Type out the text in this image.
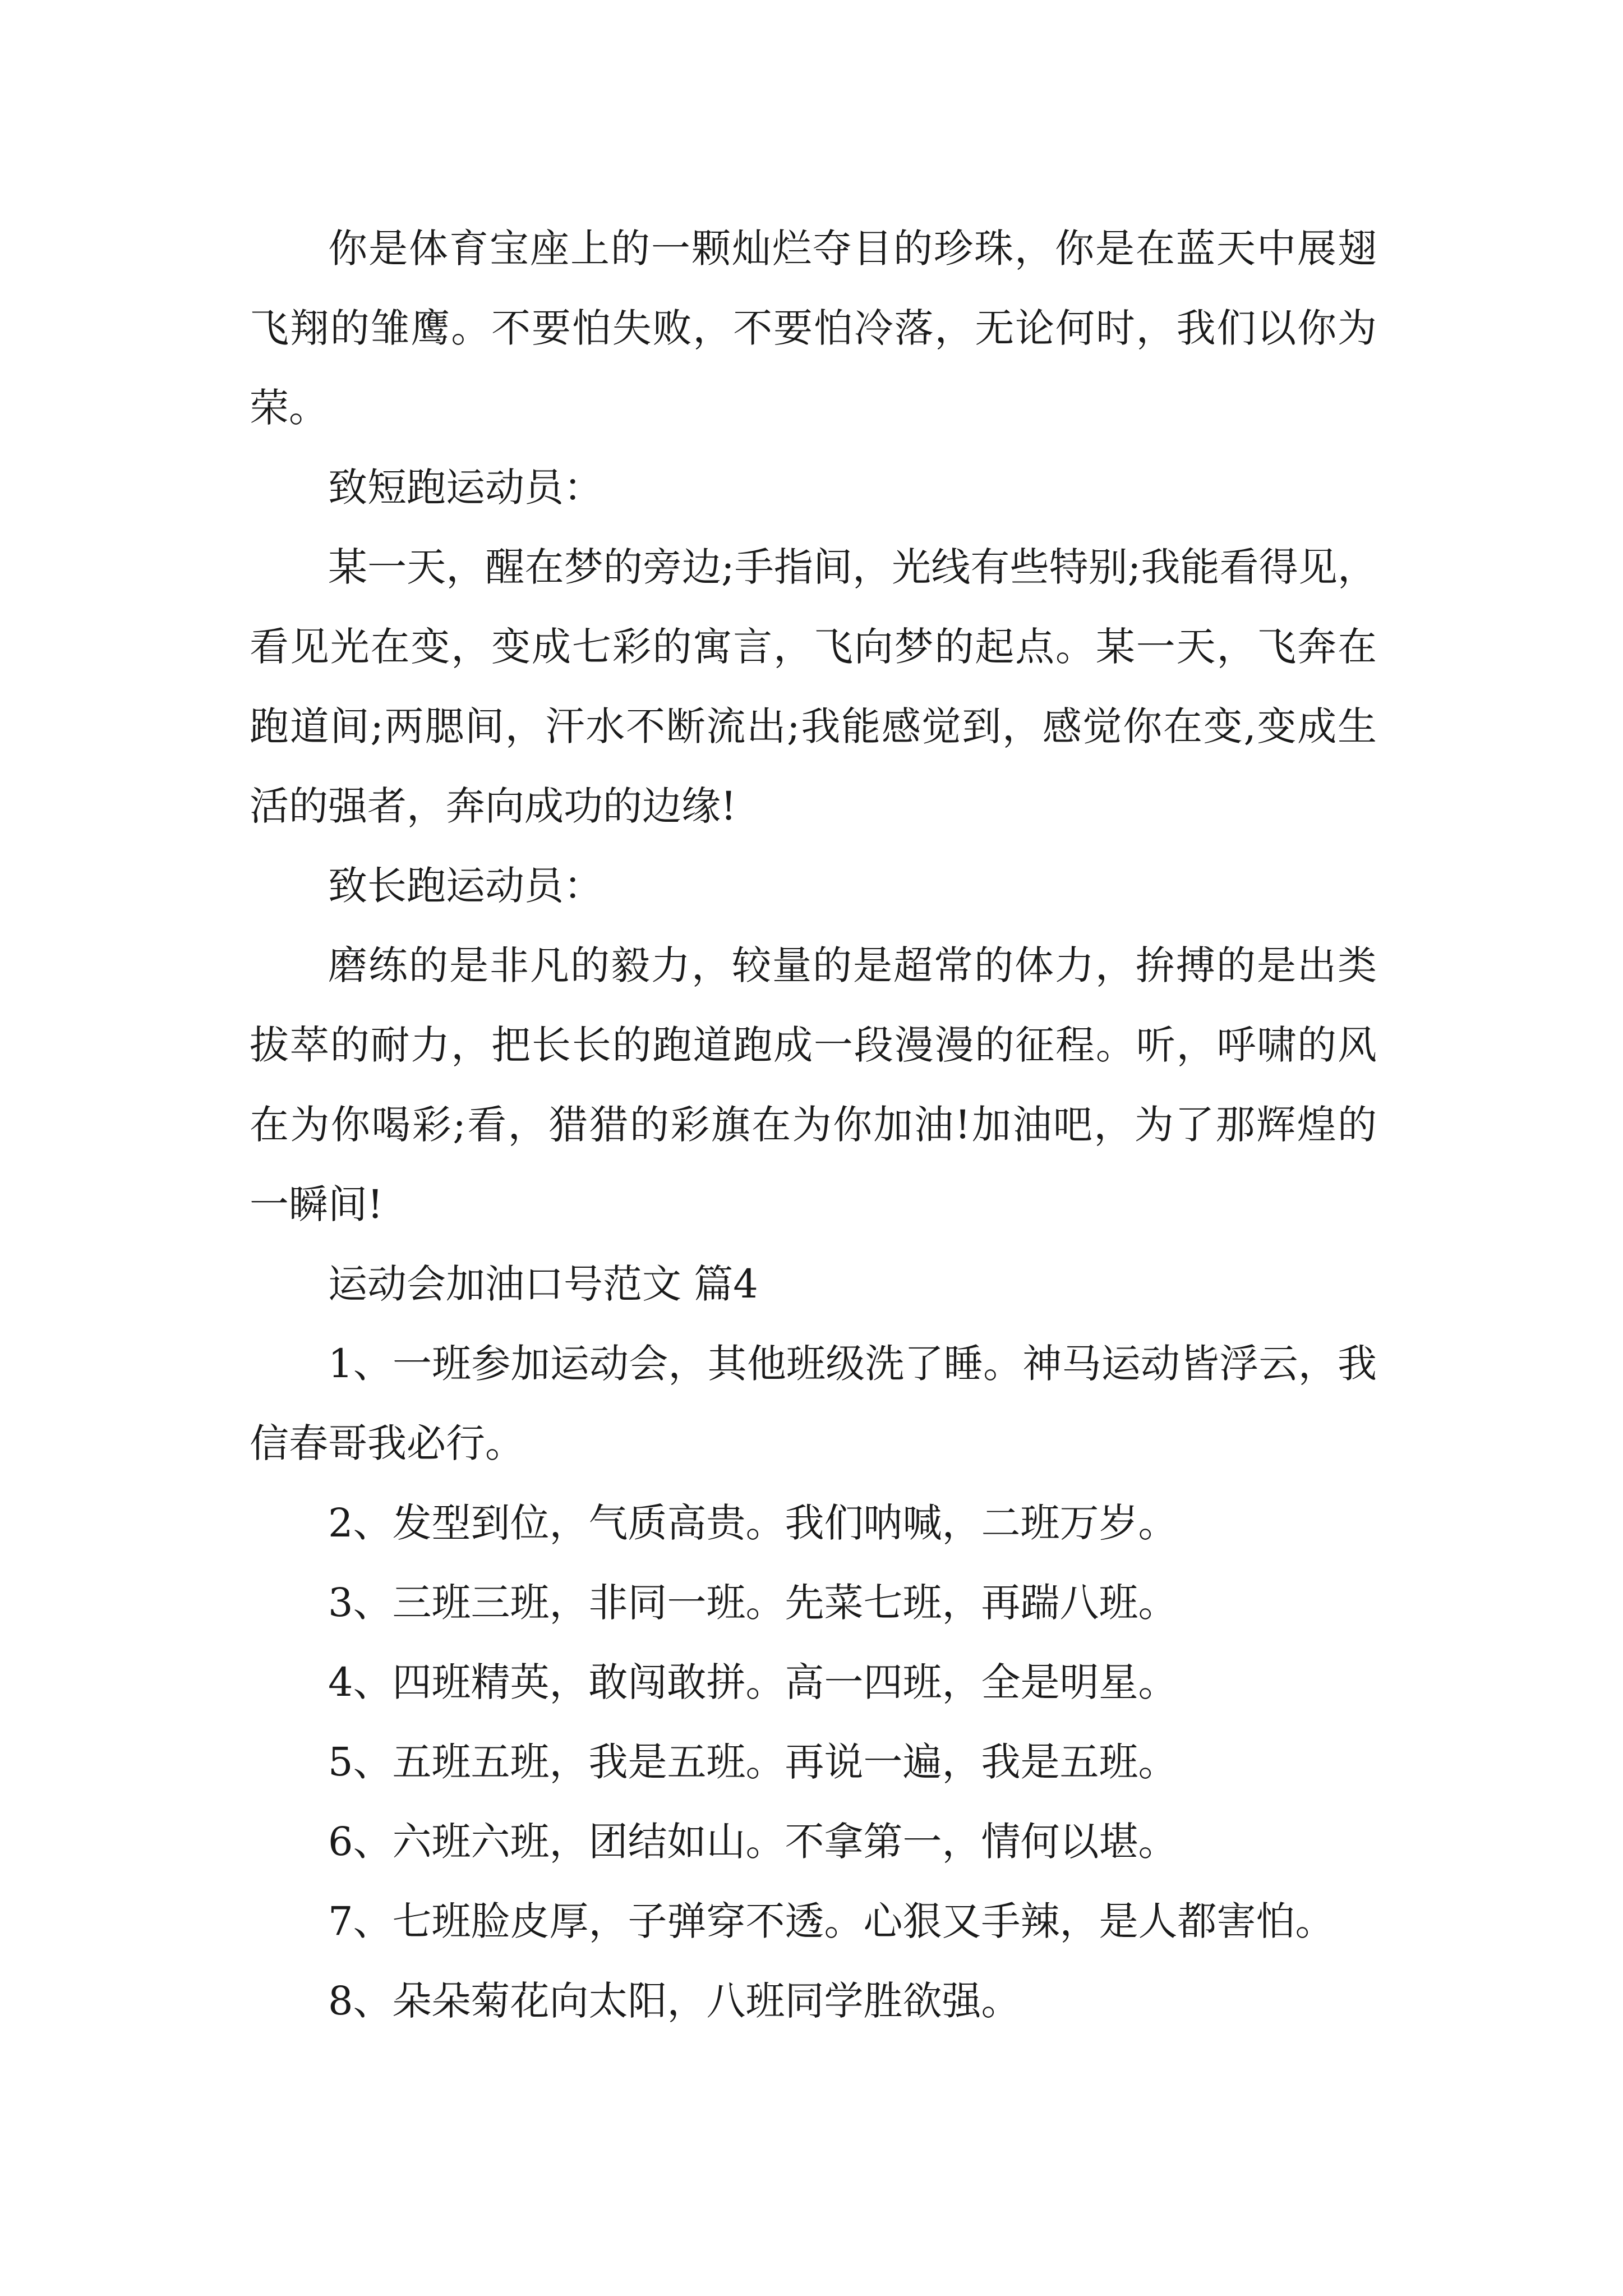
你是体育宝座上的一颗灿烂夺目的珍珠，你是在蓝天中展翅飞翔的雏鹰。不要怕失败，不要怕冷落，无论何时，我们以你为荣。

致短跑运动员：

某一天，醒在梦的旁边;手指间，光线有些特别;我能看得见，看见光在变，变成七彩的寓言，飞向梦的起点。某一天，飞奔在跑道间;两腮间，汗水不断流出;我能感觉到，感觉你在变,变成生活的强者，奔向成功的边缘!

致长跑运动员：

磨练的是非凡的毅力，较量的是超常的体力，拚搏的是出类拔萃的耐力，把长长的跑道跑成一段漫漫的征程。听，呼啸的风在为你喝彩;看，猎猎的彩旗在为你加油!加油吧，为了那辉煌的一瞬间!

运动会加油口号范文 篇4

1、一班参加运动会，其他班级洗了睡。神马运动皆浮云，我信春哥我必行。

2、发型到位，气质高贵。我们呐喊，二班万岁。

3、三班三班，非同一班。先菜七班，再踹八班。

4、四班精英，敢闯敢拼。高一四班，全是明星。

5、五班五班，我是五班。再说一遍，我是五班。

6、六班六班，团结如山。不拿第一，情何以堪。

7、七班脸皮厚，子弹穿不透。心狠又手辣，是人都害怕。

8、朵朵菊花向太阳，八班同学胜欲强。
